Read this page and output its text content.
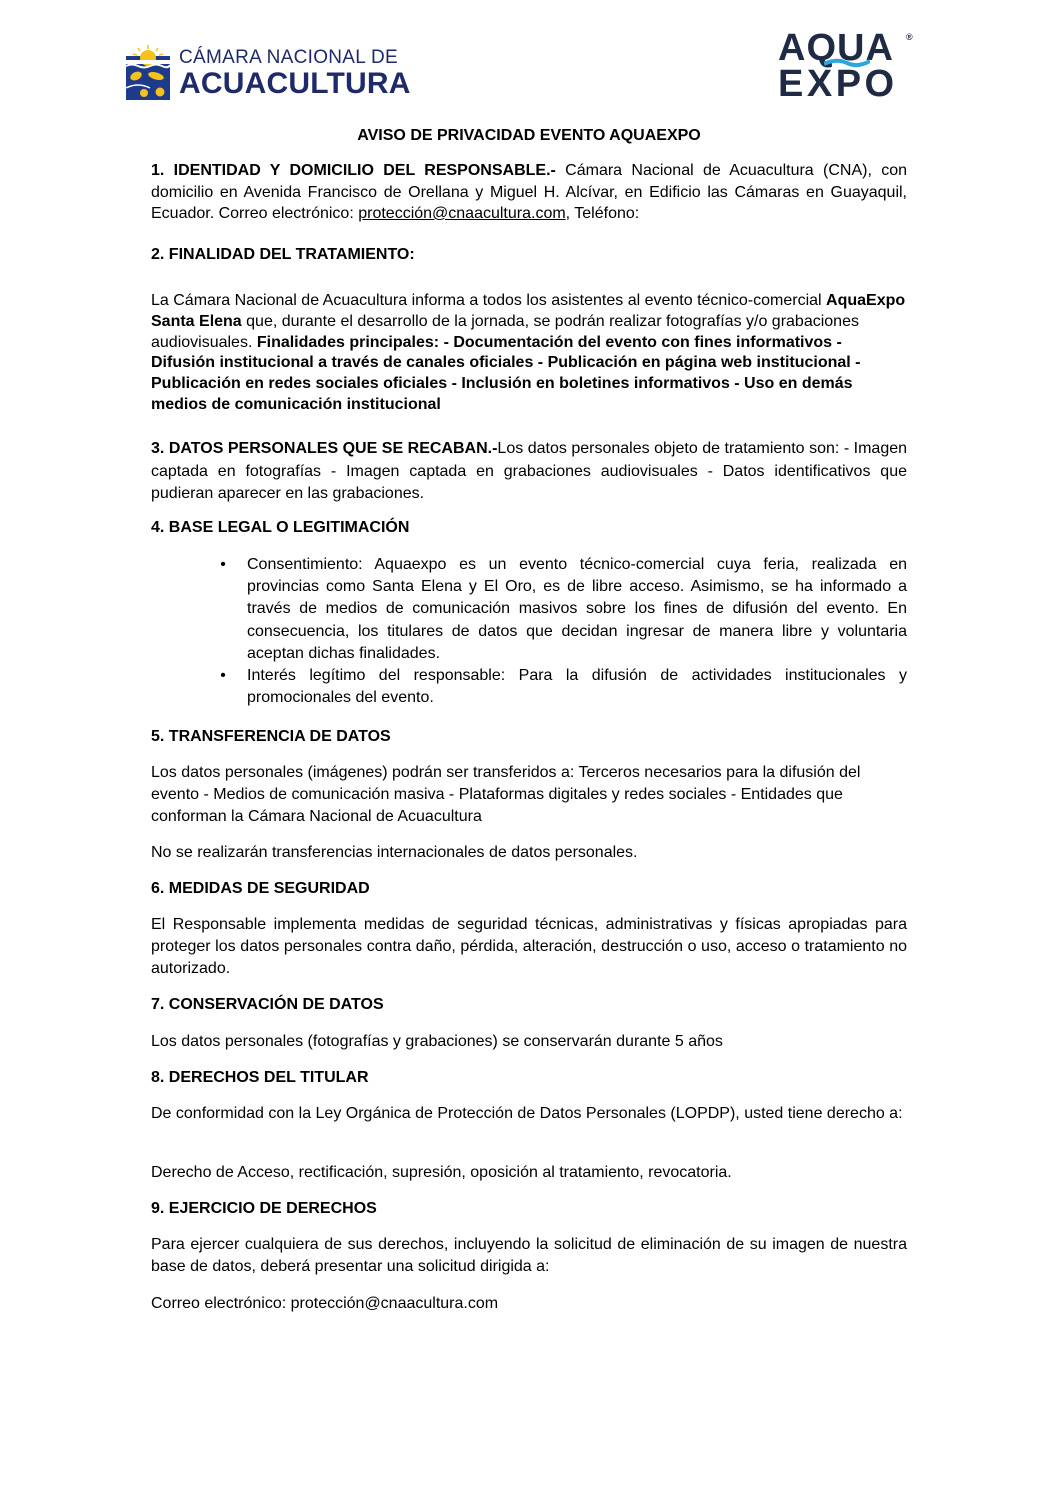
CÁMARA NACIONAL DE
ACUACULTURA
AQUA	®
EXPO
AVISO DE PRIVACIDAD EVENTO AQUAEXPO
1. IDENTIDAD Y DOMICILIO DEL RESPONSABLE.- Cámara Nacional de Acuacultura (CNA), con domicilio en Avenida Francisco de Orellana y Miguel H. Alcívar, en Edificio las Cámaras en Guayaquil, Ecuador. Correo electrónico: protección@cnaacultura.com, Teléfono:
2. FINALIDAD DEL TRATAMIENTO:
La Cámara Nacional de Acuacultura informa a todos los asistentes al evento técnico-comercial AquaExpo Santa Elena que, durante el desarrollo de la jornada, se podrán realizar fotografías y/o grabaciones audiovisuales. Finalidades principales: - Documentación del evento con fines informativos - Difusión institucional a través de canales oficiales - Publicación en página web institucional - Publicación en redes sociales oficiales - Inclusión en boletines informativos - Uso en demás medios de comunicación institucional
3. DATOS PERSONALES QUE SE RECABAN.-Los datos personales objeto de tratamiento son: - Imagen captada en fotografías - Imagen captada en grabaciones audiovisuales - Datos identificativos que pudieran aparecer en las grabaciones.
4. BASE LEGAL O LEGITIMACIÓN
• Consentimiento: Aquaexpo es un evento técnico-comercial cuya feria, realizada en provincias como Santa Elena y El Oro, es de libre acceso. Asimismo, se ha informado a través de medios de comunicación masivos sobre los fines de difusión del evento. En consecuencia, los titulares de datos que decidan ingresar de manera libre y voluntaria aceptan dichas finalidades.
• Interés legítimo del responsable: Para la difusión de actividades institucionales y promocionales del evento.
5. TRANSFERENCIA DE DATOS
Los datos personales (imágenes) podrán ser transferidos a: Terceros necesarios para la difusión del evento - Medios de comunicación masiva - Plataformas digitales y redes sociales - Entidades que conforman la Cámara Nacional de Acuacultura
No se realizarán transferencias internacionales de datos personales.
6. MEDIDAS DE SEGURIDAD
El Responsable implementa medidas de seguridad técnicas, administrativas y físicas apropiadas para proteger los datos personales contra daño, pérdida, alteración, destrucción o uso, acceso o tratamiento no autorizado.
7. CONSERVACIÓN DE DATOS
Los datos personales (fotografías y grabaciones) se conservarán durante 5 años
8. DERECHOS DEL TITULAR
De conformidad con la Ley Orgánica de Protección de Datos Personales (LOPDP), usted tiene derecho a:
Derecho de Acceso, rectificación, supresión, oposición al tratamiento, revocatoria.
9. EJERCICIO DE DERECHOS
Para ejercer cualquiera de sus derechos, incluyendo la solicitud de eliminación de su imagen de nuestra base de datos, deberá presentar una solicitud dirigida a:
Correo electrónico: protección@cnaacultura.com
